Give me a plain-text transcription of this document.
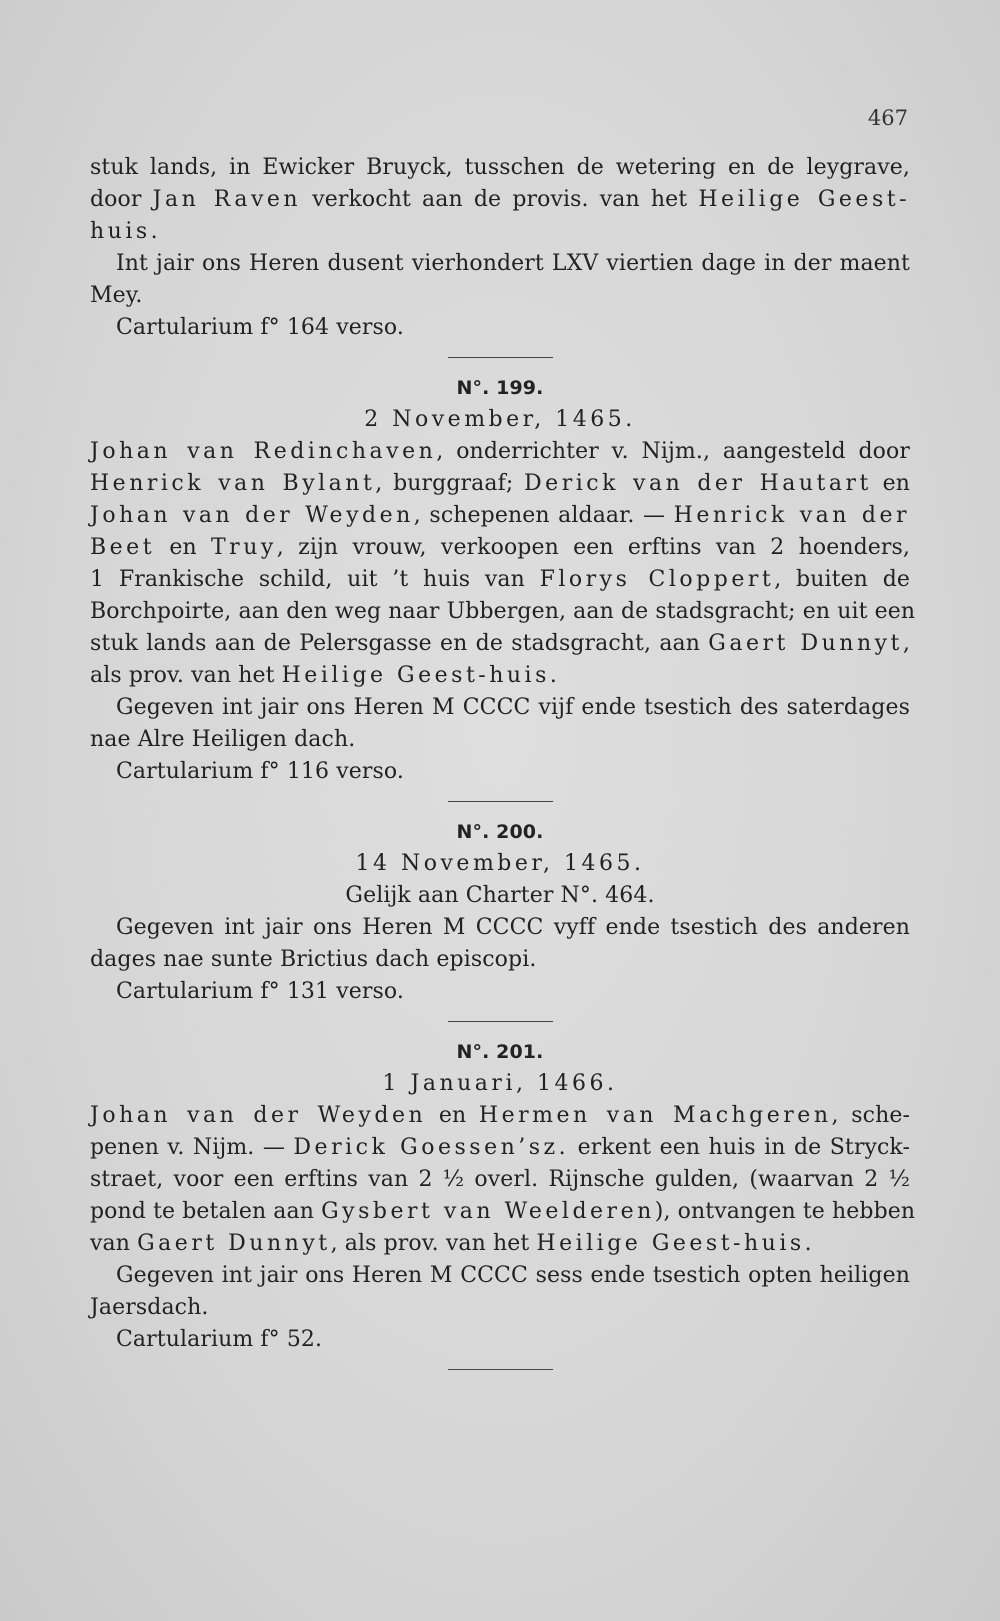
467
stuk lands, in Ewicker Bruyck, tusschen de wetering en de leygrave,
door Jan Raven verkocht aan de provis. van het Heilige Geest-
huis.
Int jair ons Heren dusent vierhondert LXV viertien dage in der maent
Mey.
Cartularium f° 164 verso.
N°. 199.
2 November, 1465.
Johan van Redinchaven, onderrichter v. Nijm., aangesteld door
Henrick van Bylant, burggraaf; Derick van der Hautart en
Johan van der Weyden, schepenen aldaar. — Henrick van der
Beet en Truy, zijn vrouw, verkoopen een erftins van 2 hoenders,
1 Frankische schild, uit ’t huis van Florys Cloppert, buiten de
Borchpoirte, aan den weg naar Ubbergen, aan de stadsgracht; en uit een
stuk lands aan de Pelersgasse en de stadsgracht, aan Gaert Dunnyt,
als prov. van het Heilige Geest-huis.
Gegeven int jair ons Heren M CCCC vijf ende tsestich des saterdages
nae Alre Heiligen dach.
Cartularium f° 116 verso.
N°. 200.
14 November, 1465.
Gelijk aan Charter N°. 464.
Gegeven int jair ons Heren M CCCC vyff ende tsestich des anderen
dages nae sunte Brictius dach episcopi.
Cartularium f° 131 verso.
N°. 201.
1 Januari, 1466.
Johan van der Weyden en Hermen van Machgeren, sche-
penen v. Nijm. — Derick Goessen’sz. erkent een huis in de Stryck-
straet, voor een erftins van 2 ½ overl. Rijnsche gulden, (waarvan 2 ½
pond te betalen aan Gysbert van Weelderen), ontvangen te hebben
van Gaert Dunnyt, als prov. van het Heilige Geest-huis.
Gegeven int jair ons Heren M CCCC sess ende tsestich opten heiligen
Jaersdach.
Cartularium f° 52.
